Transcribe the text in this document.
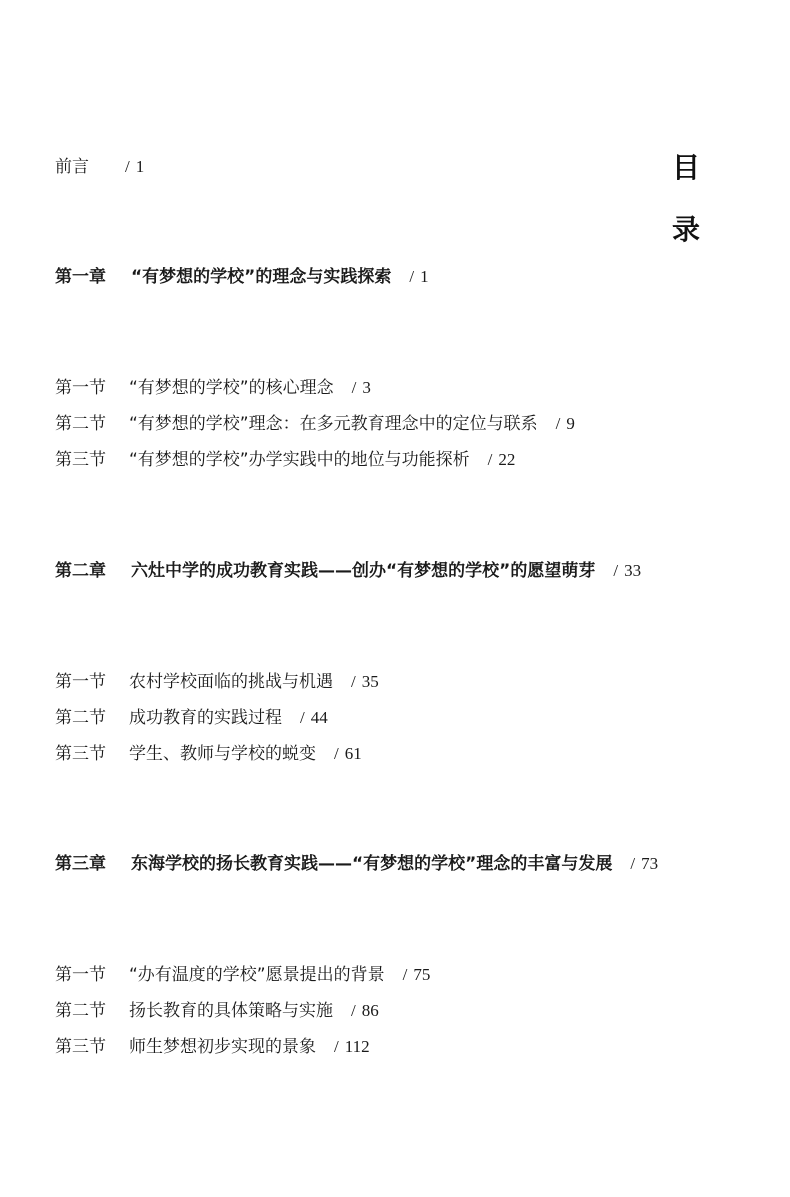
目
录
前言 / 1
第一章 “有梦想的学校”的理念与实践探索 / 1
第一节 “有梦想的学校”的核心理念 / 3
第二节 “有梦想的学校”理念：在多元教育理念中的定位与联系 / 9
第三节 “有梦想的学校”办学实践中的地位与功能探析 / 22
第二章 六灶中学的成功教育实践——创办“有梦想的学校”的愿望萌芽 / 33
第一节 农村学校面临的挑战与机遇 / 35
第二节 成功教育的实践过程 / 44
第三节 学生、教师与学校的蜕变 / 61
第三章 东海学校的扬长教育实践——“有梦想的学校”理念的丰富与发展 / 73
第一节 “办有温度的学校”愿景提出的背景 / 75
第二节 扬长教育的具体策略与实施 / 86
第三节 师生梦想初步实现的景象 / 112
